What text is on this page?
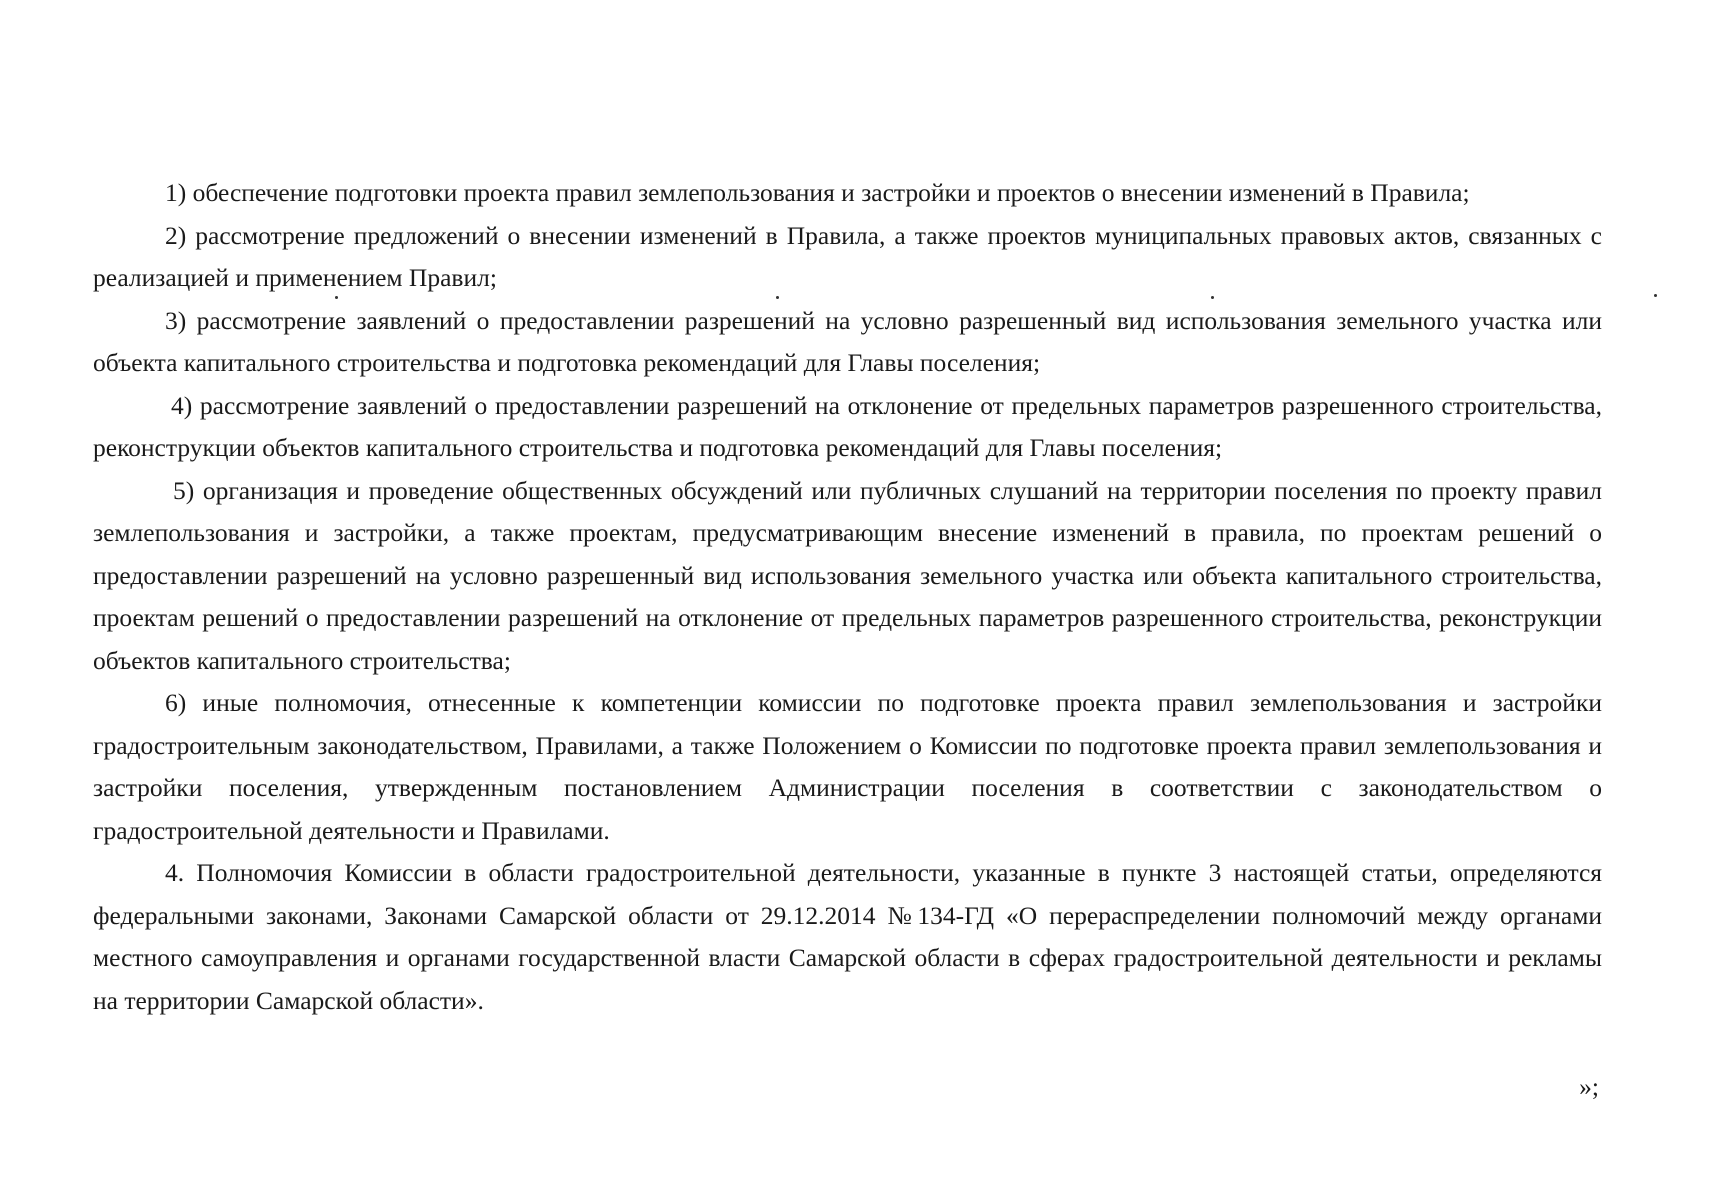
1) обеспечение подготовки проекта правил землепользования и застройки и проектов о внесении изменений в Правила;

2) рассмотрение предложений о внесении изменений в Правила, а также проектов муниципальных правовых актов, связанных с реализацией и применением Правил;

3) рассмотрение заявлений о предоставлении разрешений на условно разрешенный вид использования земельного участка или объекта капитального строительства и подготовка рекомендаций для Главы поселения;

4) рассмотрение заявлений о предоставлении разрешений на отклонение от предельных параметров разрешенного строительства, реконструкции объектов капитального строительства и подготовка рекомендаций для Главы поселения;

5) организация и проведение общественных обсуждений или публичных слушаний на территории поселения по проекту правил землепользования и застройки, а также проектам, предусматривающим внесение изменений в правила, по проектам решений о предоставлении разрешений на условно разрешенный вид использования земельного участка или объекта капитального строительства, проектам решений о предоставлении разрешений на отклонение от предельных параметров разрешенного строительства, реконструкции объектов капитального строительства;

6) иные полномочия, отнесенные к компетенции комиссии по подготовке проекта правил землепользования и застройки градостроительным законодательством, Правилами, а также Положением о Комиссии по подготовке проекта правил землепользования и застройки поселения, утвержденным постановлением Администрации поселения в соответствии с законодательством о градостроительной деятельности и Правилами.

4. Полномочия Комиссии в области градостроительной деятельности, указанные в пункте 3 настоящей статьи, определяются федеральными законами, Законами Самарской области от 29.12.2014 №134-ГД «О перераспределении полномочий между органами местного самоуправления и органами государственной власти Самарской области в сферах градостроительной деятельности и рекламы на территории Самарской области».

»;
